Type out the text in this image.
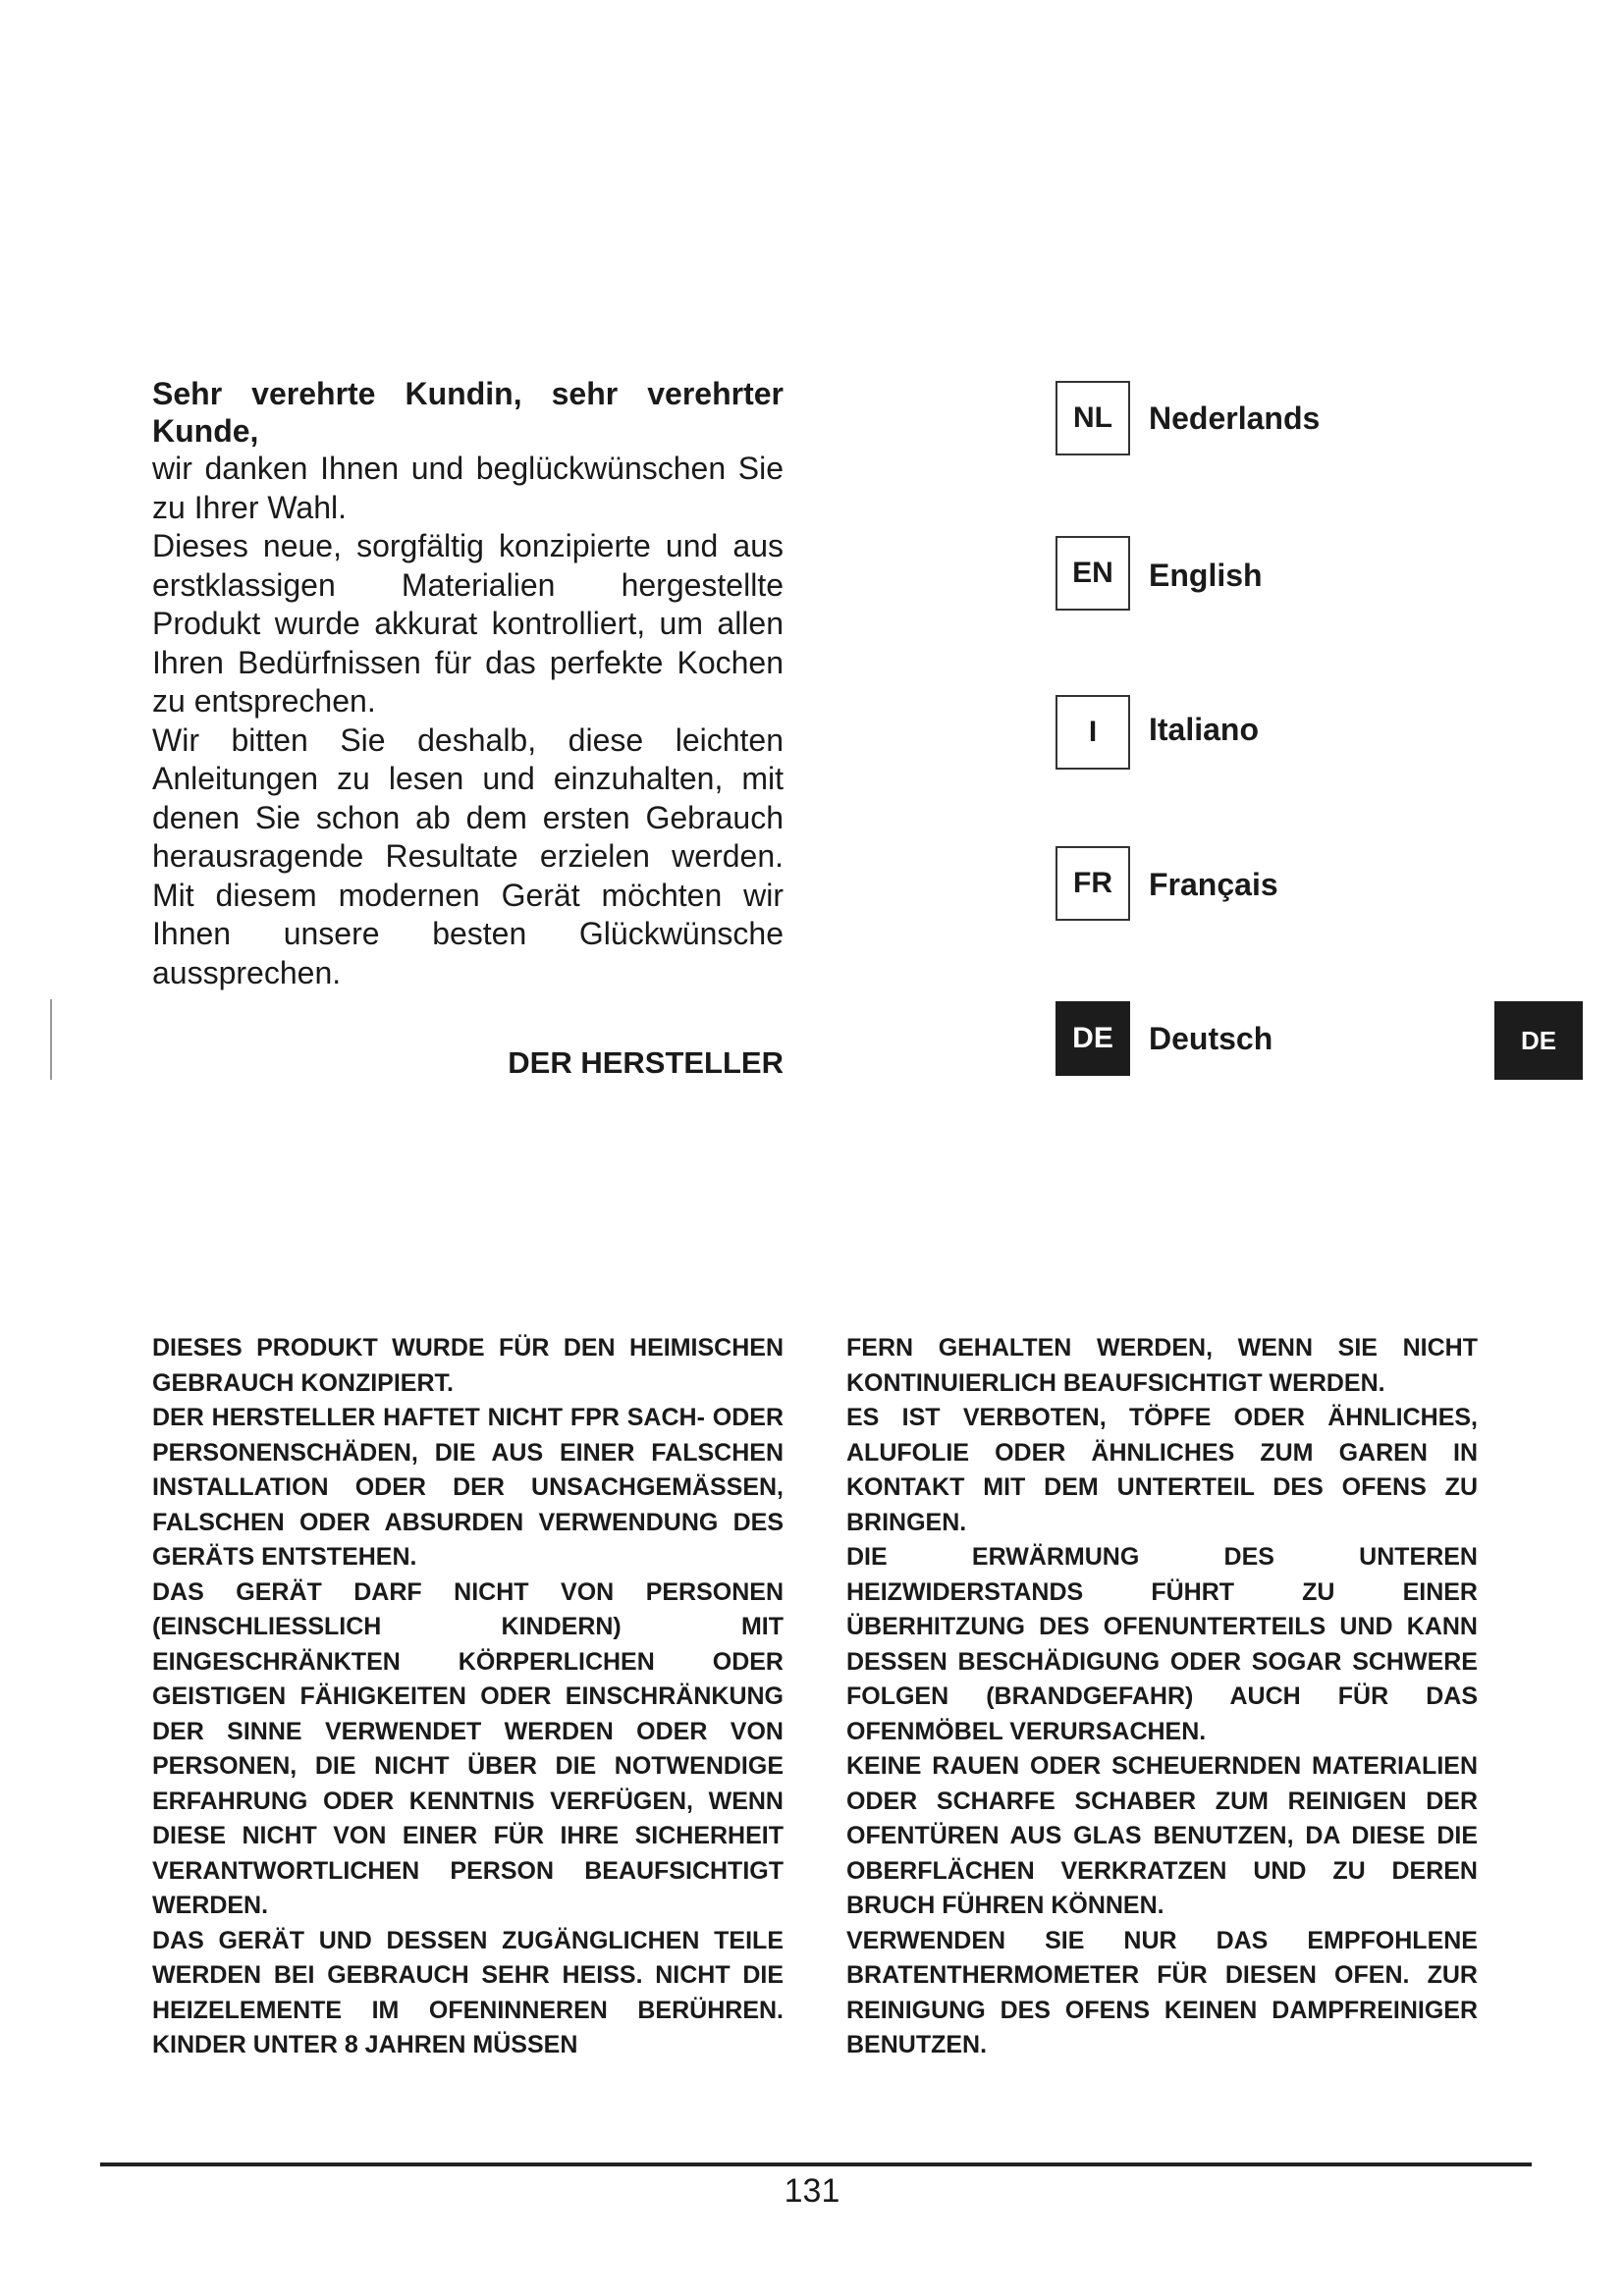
Sehr verehrte Kundin, sehr verehrter Kunde,

wir danken Ihnen und beglückwünschen Sie zu Ihrer Wahl.

Dieses neue, sorgfältig konzipierte und aus erstklassigen Materialien hergestellte Produkt wurde akkurat kontrolliert, um allen Ihren Bedürfnissen für das perfekte Kochen zu entsprechen.

Wir bitten Sie deshalb, diese leichten Anleitungen zu lesen und einzuhalten, mit denen Sie schon ab dem ersten Gebrauch herausragende Resultate erzielen werden. Mit diesem modernen Gerät möchten wir Ihnen unsere besten Glückwünsche aussprechen.

DER HERSTELLER
NL	Nederlands
EN	English
I	Italiano
FR	Français
DE	Deutsch	DE

DIESES PRODUKT WURDE FÜR DEN HEIMISCHEN GEBRAUCH KONZIPIERT.

DER HERSTELLER HAFTET NICHT FPR SACH- ODER PERSONENSCHÄDEN, DIE AUS EINER FALSCHEN INSTALLATION ODER DER UNSACHGEMÄSSEN, FALSCHEN ODER ABSURDEN VERWENDUNG DES GERÄTS ENTSTEHEN.

DAS GERÄT DARF NICHT VON PERSONEN (EINSCHLIESSLICH KINDERN) MIT EINGESCHRÄNKTEN KÖRPERLICHEN ODER GEISTIGEN FÄHIGKEITEN ODER EINSCHRÄNKUNG DER SINNE VERWENDET WERDEN ODER VON PERSONEN, DIE NICHT ÜBER DIE NOTWENDIGE ERFAHRUNG ODER KENNTNIS VERFÜGEN, WENN DIESE NICHT VON EINER FÜR IHRE SICHERHEIT VERANTWORTLICHEN PERSON BEAUFSICHTIGT WERDEN.

DAS GERÄT UND DESSEN ZUGÄNGLICHEN TEILE WERDEN BEI GEBRAUCH SEHR HEISS. NICHT DIE HEIZELEMENTE IM OFENINNEREN BERÜHREN. KINDER UNTER 8 JAHREN MÜSSEN

FERN GEHALTEN WERDEN, WENN SIE NICHT KONTINUIERLICH BEAUFSICHTIGT WERDEN.

ES IST VERBOTEN, TÖPFE ODER ÄHNLICHES, ALUFOLIE ODER ÄHNLICHES ZUM GAREN IN KONTAKT MIT DEM UNTERTEIL DES OFENS ZU BRINGEN.

DIE ERWÄRMUNG DES UNTEREN HEIZWIDERSTANDS FÜHRT ZU EINER ÜBERHITZUNG DES OFENUNTERTEILS UND KANN DESSEN BESCHÄDIGUNG ODER SOGAR SCHWERE FOLGEN (BRANDGEFAHR) AUCH FÜR DAS OFENMÖBEL VERURSACHEN.

KEINE RAUEN ODER SCHEUERNDEN MATERIALIEN ODER SCHARFE SCHABER ZUM REINIGEN DER OFENTÜREN AUS GLAS BENUTZEN, DA DIESE DIE OBERFLÄCHEN VERKRATZEN UND ZU DEREN BRUCH FÜHREN KÖNNEN.

VERWENDEN SIE NUR DAS EMPFOHLENE BRATENTHERMOMETER FÜR DIESEN OFEN. ZUR REINIGUNG DES OFENS KEINEN DAMPFREINIGER BENUTZEN.

131
